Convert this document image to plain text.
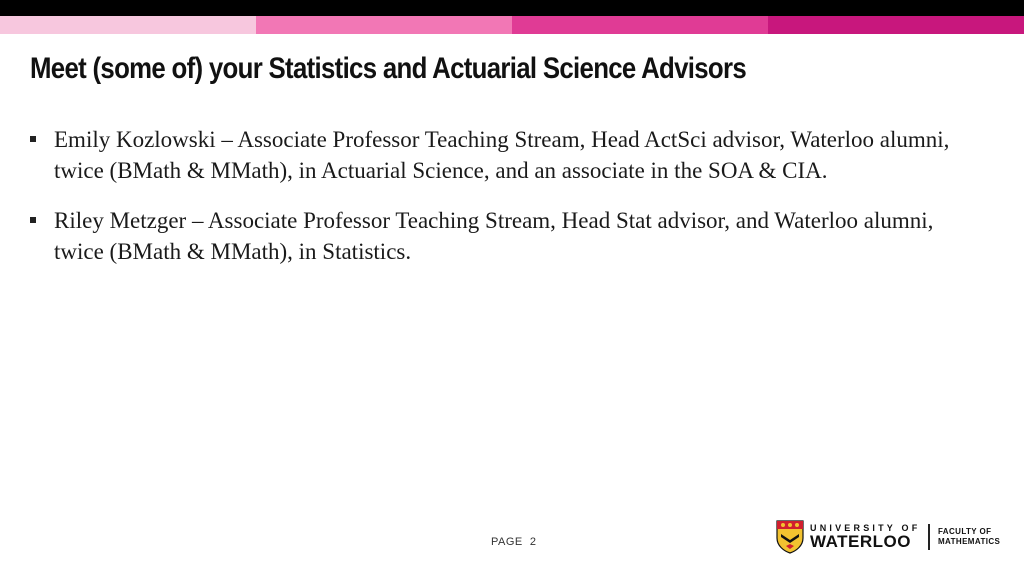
Meet (some of) your Statistics and Actuarial Science Advisors
Emily Kozlowski – Associate Professor Teaching Stream, Head ActSci advisor, Waterloo alumni, twice (BMath & MMath), in Actuarial Science, and an associate in the SOA & CIA.
Riley Metzger – Associate Professor Teaching Stream, Head Stat advisor, and Waterloo alumni, twice (BMath & MMath), in Statistics.
PAGE 2
UNIVERSITY OF
WATERLOO
FACULTY OF
MATHEMATICS
